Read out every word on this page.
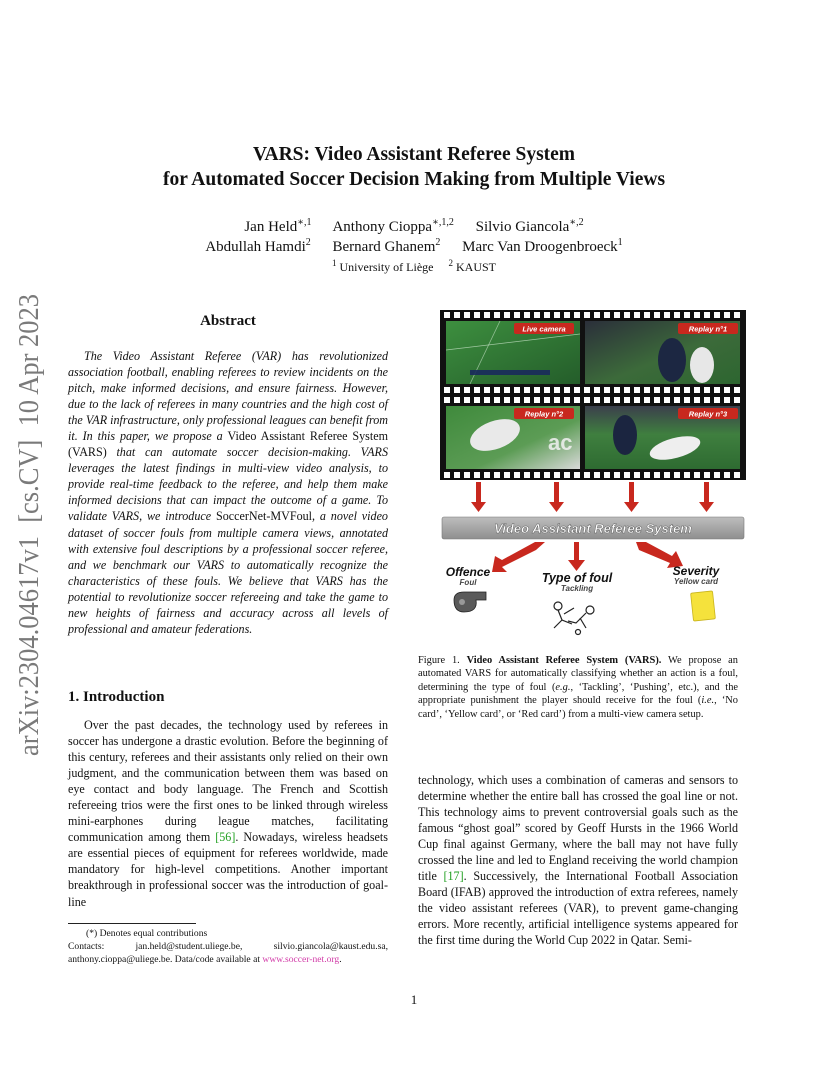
VARS: Video Assistant Referee System
for Automated Soccer Decision Making from Multiple Views
Jan Held$^{∗,1}$ Anthony Cioppa$^{∗,1,2}$ Silvio Giancola$^{∗,2}$
Abdullah Hamdi$^2$ Bernard Ghanem$^2$ Marc Van Droogenbroeck$^1$
$^1$ University of Liège $^2$ KAUST
arXiv:2304.04617v1  [cs.CV]  10 Apr 2023	Abstract
The Video Assistant Referee (VAR) has revolutionized association football, enabling referees to review incidents on the pitch, make informed decisions, and ensure fairness. However, due to the lack of referees in many countries and the high cost of the VAR infrastructure, only professional leagues can benefit from it. In this paper, we propose a Video Assistant Referee System (VARS) that can automate soccer decision-making. VARS leverages the latest findings in multi-view video analysis, to provide real-time feedback to the referee, and help them make informed decisions that can impact the outcome of a game. To validate VARS, we introduce SoccerNet-MVFoul, a novel video dataset of soccer fouls from multiple camera views, annotated with extensive foul descriptions by a professional soccer referee, and we benchmark our VARS to automatically recognize the characteristics of these fouls. We believe that VARS has the potential to revolutionize soccer refereeing and take the game to new heights of fairness and accuracy across all levels of professional and amateur federations.
1. Introduction
Over the past decades, the technology used by referees in soccer has undergone a drastic evolution. Before the beginning of this century, referees and their assistants only relied on their own judgment, and the communication between them was based on eye contact and body language. The French and Scottish refereeing trios were the first ones to be linked through wireless mini-earphones during league matches, facilitating communication among them [56]. Nowadays, wireless headsets are essential pieces of equipment for referees worldwide, made mandatory for high-level competitions. Another important breakthrough in professional soccer was the introduction of goal-line
(*) Denotes equal contributions
Contacts: jan.held@student.uliege.be, silvio.giancola@kaust.edu.sa, anthony.cioppa@uliege.be. Data/code available at www.soccer-net.org.
Live camera	Replay n°1
ac
Replay n°2	Replay n°3
Video Assistant Referee System
Offence
Foul	Type of foul
Tackling
Severity
Yellow card
Figure 1. Video Assistant Referee System (VARS). We propose an automated VARS for automatically classifying whether an action is a foul, determining the type of foul (e.g., ‘Tackling’, ‘Pushing’, etc.), and the appropriate punishment the player should receive for the foul (i.e., ‘No card’, ‘Yellow card’, or ‘Red card’) from a multi-view camera setup.
technology, which uses a combination of cameras and sensors to determine whether the entire ball has crossed the goal line or not. This technology aims to prevent controversial goals such as the famous “ghost goal” scored by Geoff Hursts in the 1966 World Cup final against Germany, where the ball may not have fully crossed the line and led to England receiving the world champion title [17]. Successively, the International Football Association Board (IFAB) approved the introduction of extra referees, namely the video assistant referees (VAR), to prevent game-changing errors. More recently, artificial intelligence systems appeared for the first time during the World Cup 2022 in Qatar. Semi-
1
